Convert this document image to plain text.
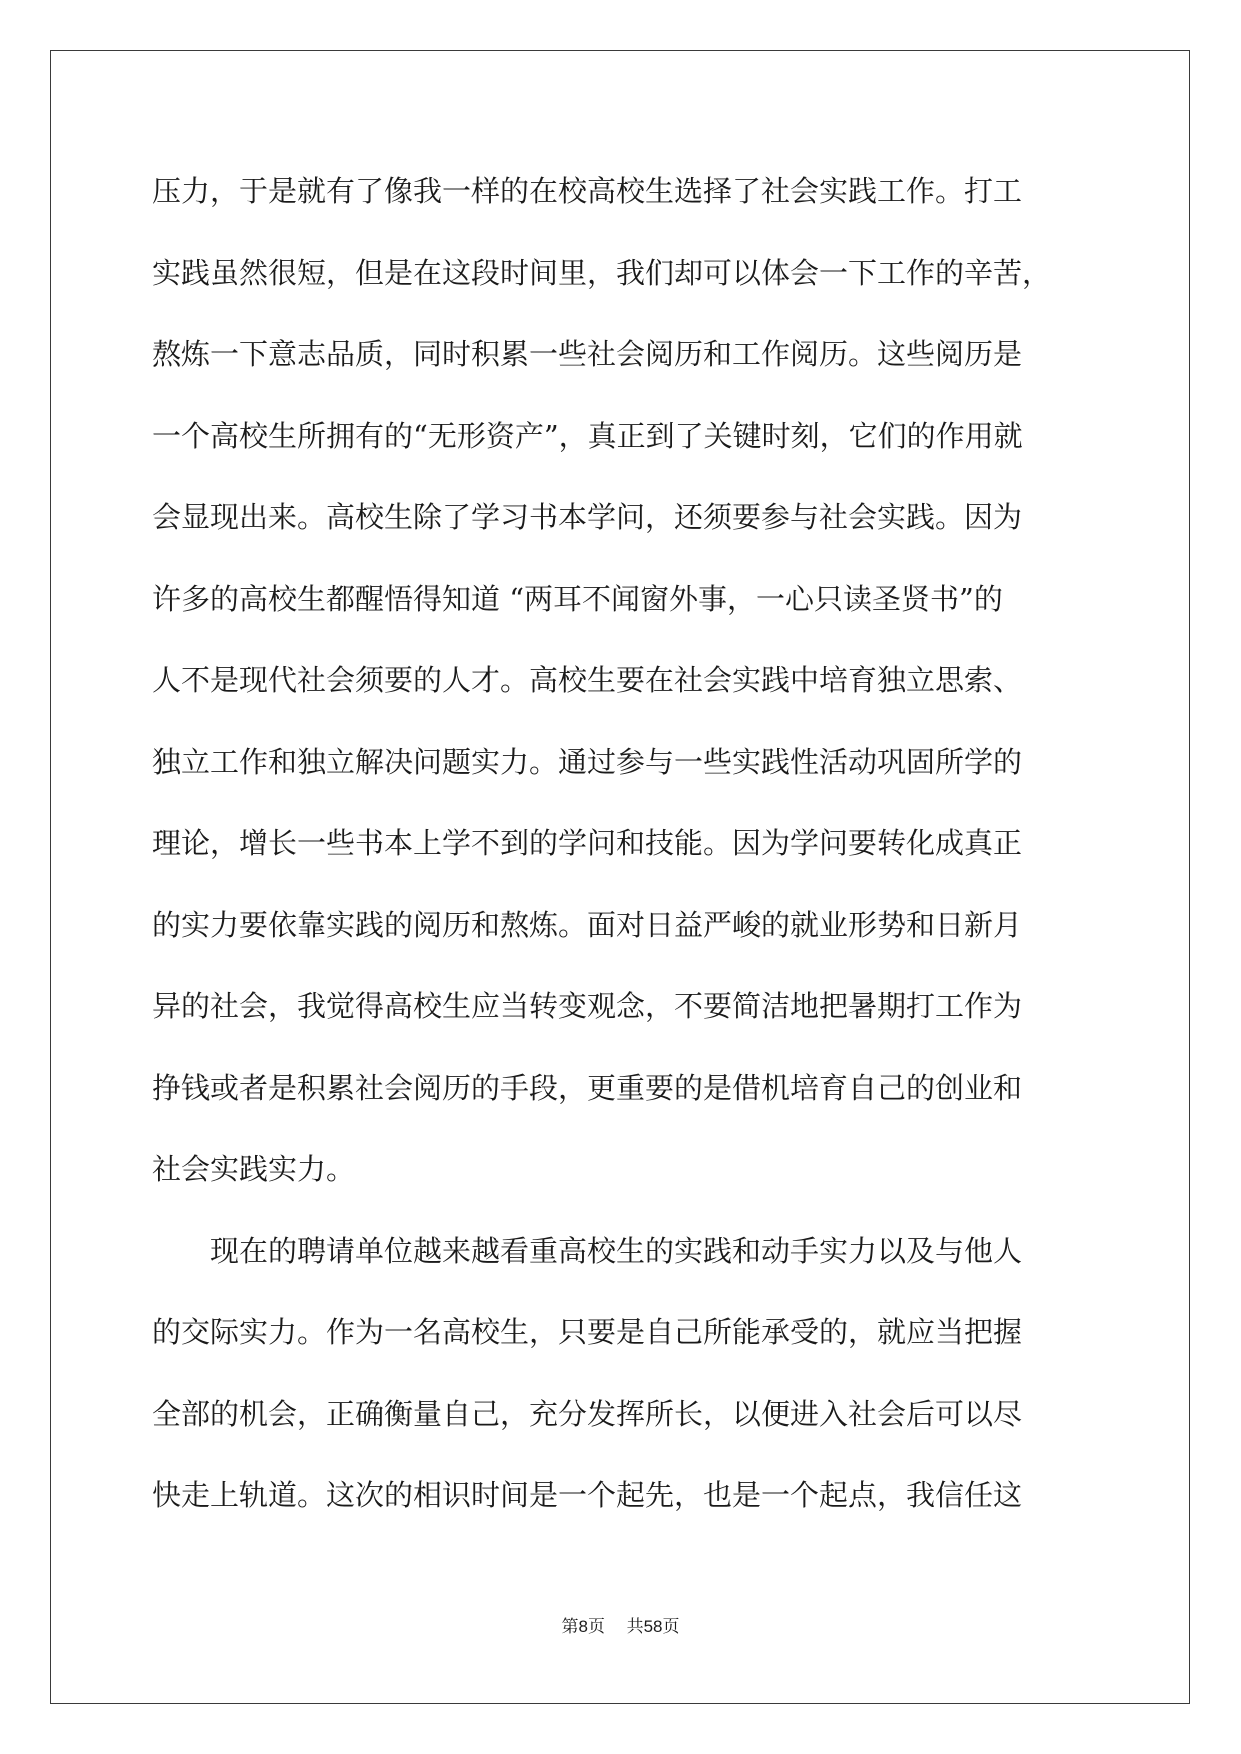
压力，于是就有了像我一样的在校高校生选择了社会实践工作。打工
实践虽然很短，但是在这段时间里，我们却可以体会一下工作的辛苦，
熬炼一下意志品质，同时积累一些社会阅历和工作阅历。这些阅历是
一个高校生所拥有的“无形资产”，真正到了关键时刻，它们的作用就
会显现出来。高校生除了学习书本学问，还须要参与社会实践。因为
许多的高校生都醒悟得知道 “两耳不闻窗外事，一心只读圣贤书”的
人不是现代社会须要的人才。高校生要在社会实践中培育独立思索、
独立工作和独立解决问题实力。通过参与一些实践性活动巩固所学的
理论，增长一些书本上学不到的学问和技能。因为学问要转化成真正
的实力要依靠实践的阅历和熬炼。面对日益严峻的就业形势和日新月
异的社会，我觉得高校生应当转变观念，不要简洁地把暑期打工作为
挣钱或者是积累社会阅历的手段，更重要的是借机培育自己的创业和
社会实践实力。
　　现在的聘请单位越来越看重高校生的实践和动手实力以及与他人
的交际实力。作为一名高校生，只要是自己所能承受的，就应当把握
全部的机会，正确衡量自己，充分发挥所长，以便进入社会后可以尽
快走上轨道。这次的相识时间是一个起先，也是一个起点，我信任这
第8页 共58页
